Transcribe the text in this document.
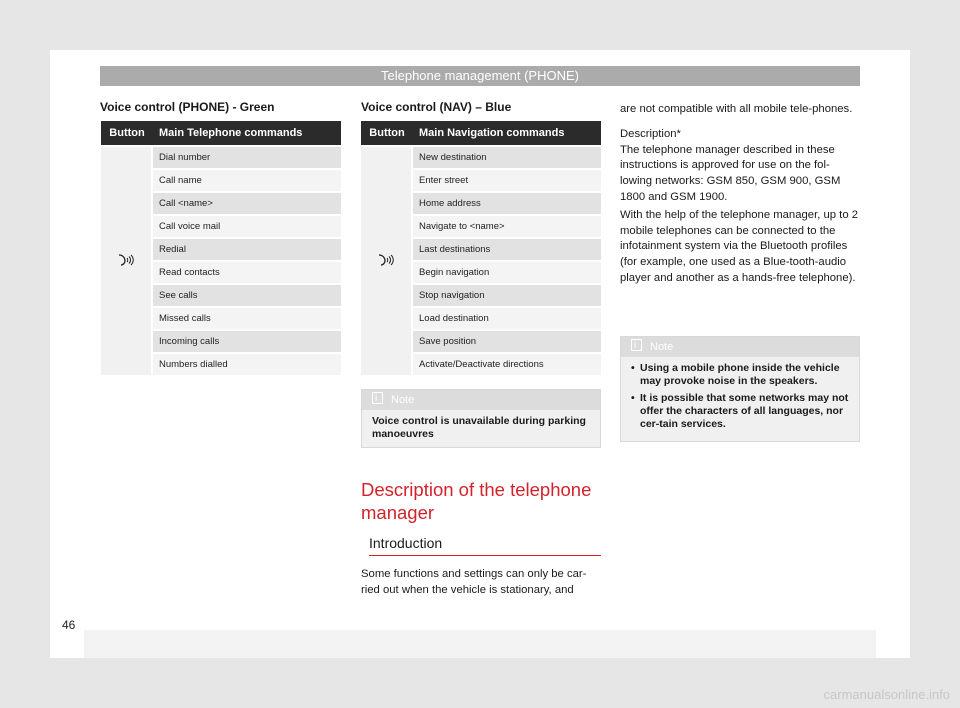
Telephone management (PHONE)
Voice control (PHONE) - Green
Button	Main Telephone commands
	Dial number
	Call name
	Call <name>
	Call voice mail
	Redial
	Read contacts
	See calls
	Missed calls
	Incoming calls
	Numbers dialled
Voice control (NAV) – Blue
Button	Main Navigation commands
	New destination
	Enter street
	Home address
	Navigate to <name>
	Last destinations
	Begin navigation
	Stop navigation
	Load destination
	Save position
	Activate/Deactivate directions
iNote
Voice control is unavailable during parking manoeuvres
Description of the telephone manager
Introduction
Some functions and settings can only be car-ried out when the vehicle is stationary, and

are not compatible with all mobile tele-phones.

Description*

The telephone manager described in these instructions is approved for use on the fol-lowing networks: GSM 850, GSM 900, GSM 1800 and GSM 1900.

With the help of the telephone manager, up to 2 mobile telephones can be connected to the infotainment system via the Bluetooth profiles (for example, one used as a Blue-tooth-audio player and another as a hands-free telephone).

iNote
• Using a mobile phone inside the vehicle may provoke noise in the speakers.
• It is possible that some networks may not offer the characters of all languages, nor cer-tain services.
46
carmanualsonline.info
